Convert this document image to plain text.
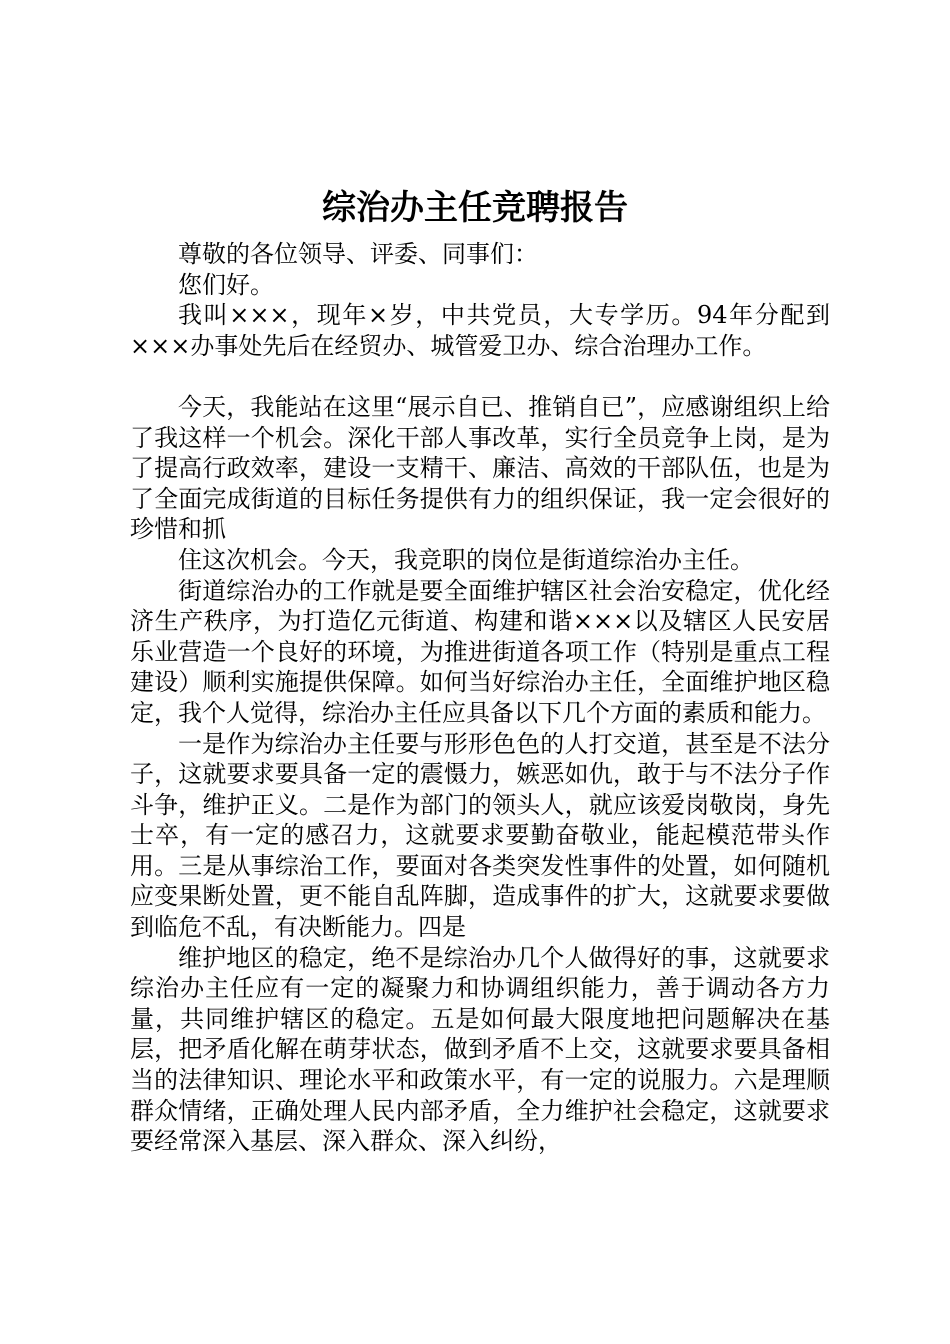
综治办主任竞聘报告

尊敬的各位领导、评委、同事们：

您们好。

我叫×××，现年×岁，中共党员，大专学历。94年分配到×××办事处先后在经贸办、城管爱卫办、综合治理办工作。

今天，我能站在这里“展示自已、推销自已”，应感谢组织上给了我这样一个机会。深化干部人事改革，实行全员竞争上岗，是为了提高行政效率，建设一支精干、廉洁、高效的干部队伍，也是为了全面完成街道的目标任务提供有力的组织保证，我一定会很好的珍惜和抓

住这次机会。今天，我竞职的岗位是街道综治办主任。

街道综治办的工作就是要全面维护辖区社会治安稳定，优化经济生产秩序，为打造亿元街道、构建和谐×××以及辖区人民安居乐业营造一个良好的环境，为推进街道各项工作（特别是重点工程建设）顺利实施提供保障。如何当好综治办主任，全面维护地区稳定，我个人觉得，综治办主任应具备以下几个方面的素质和能力。

一是作为综治办主任要与形形色色的人打交道，甚至是不法分子，这就要求要具备一定的震慑力，嫉恶如仇，敢于与不法分子作斗争，维护正义。二是作为部门的领头人，就应该爱岗敬岗，身先士卒，有一定的感召力，这就要求要勤奋敬业，能起模范带头作用。三是从事综治工作，要面对各类突发性事件的处置，如何随机应变果断处置，更不能自乱阵脚，造成事件的扩大，这就要求要做到临危不乱，有决断能力。四是

维护地区的稳定，绝不是综治办几个人做得好的事，这就要求综治办主任应有一定的凝聚力和协调组织能力，善于调动各方力量，共同维护辖区的稳定。五是如何最大限度地把问题解决在基层，把矛盾化解在萌芽状态，做到矛盾不上交，这就要求要具备相当的法律知识、理论水平和政策水平，有一定的说服力。六是理顺群众情绪，正确处理人民内部矛盾，全力维护社会稳定，这就要求要经常深入基层、深入群众、深入纠纷，
